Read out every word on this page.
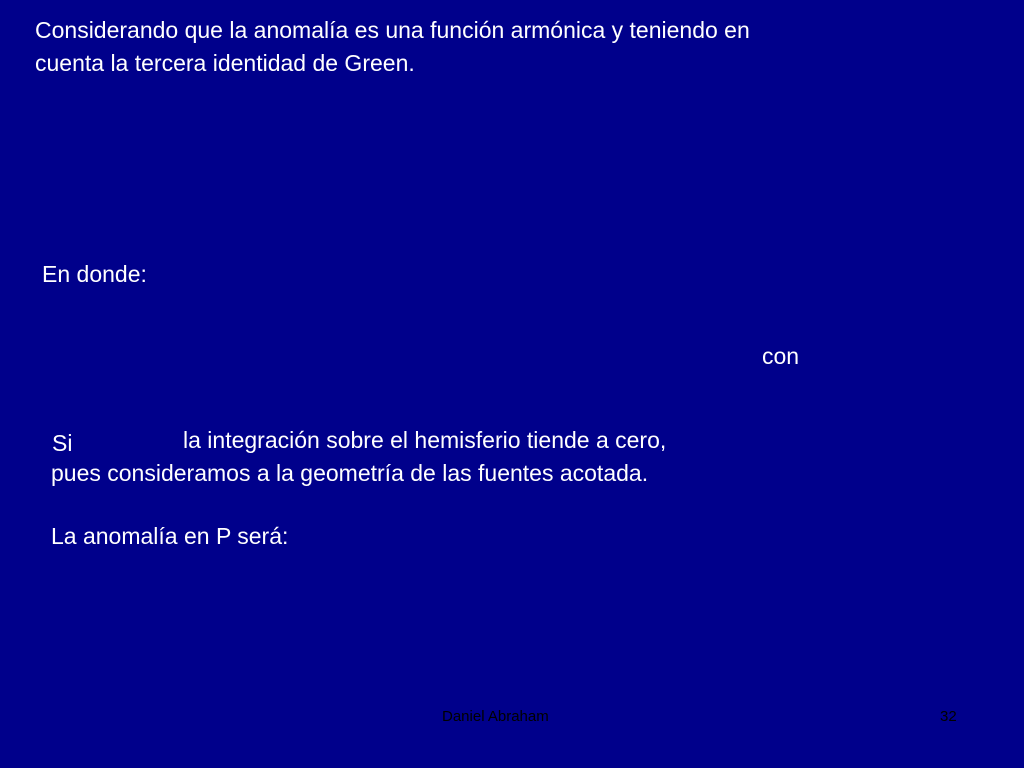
Considerando que la anomalía es una función armónica y teniendo en
cuenta la tercera identidad de Green.
En donde:
con
Si	la integración sobre el hemisferio tiende a cero,
pues consideramos a la geometría de las fuentes acotada.
La anomalía en P será:
Daniel Abraham	32
